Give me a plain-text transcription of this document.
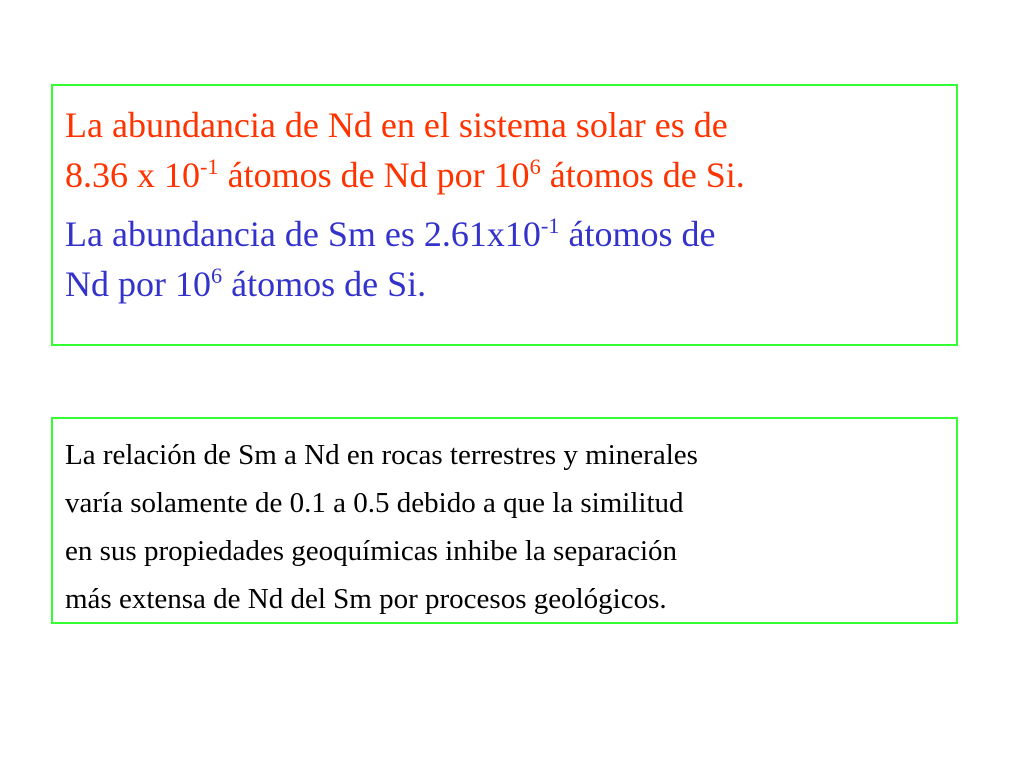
La abundancia de Nd en el sistema solar es de
8.36 x $10^{-1}$ átomos de Nd por $10^6$ átomos de Si.

La abundancia de Sm es $2.61x10^{-1}$ átomos de
Nd por $10^6$ átomos de Si.

La relación de Sm a Nd en rocas terrestres y minerales
varía solamente de 0.1 a 0.5 debido a que la similitud
en sus propiedades geoquímicas inhibe la separación
más extensa de Nd del Sm por procesos geológicos.
